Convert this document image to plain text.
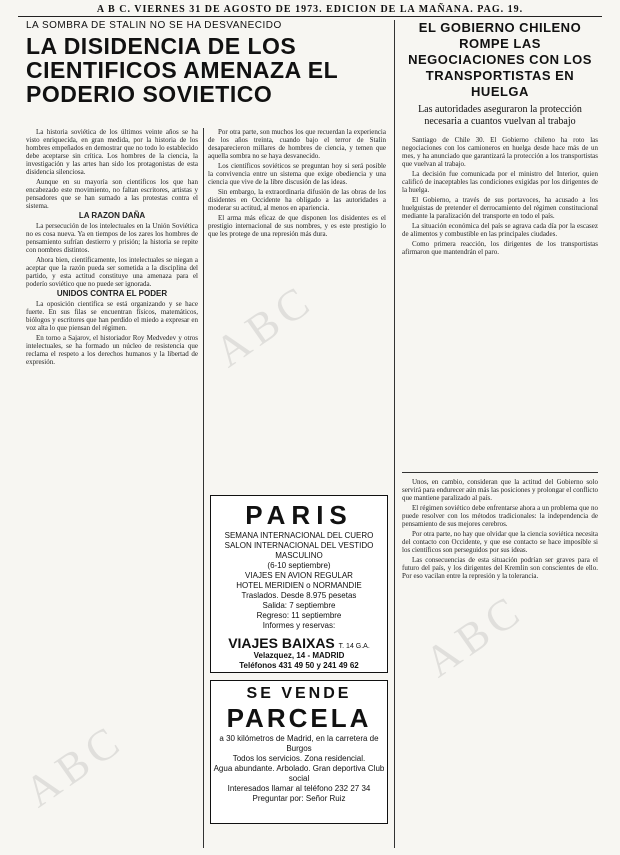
A B C. VIERNES 31 DE AGOSTO DE 1973. EDICION DE LA MAÑANA. PAG. 19.
LA SOMBRA DE STALIN NO SE HA DESVANECIDO
LA DISIDENCIA DE LOS CIENTIFICOS AMENAZA EL PODERIO SOVIETICO

La historia soviética de los últimos veinte años se ha visto enriquecida, en gran medida, por la historia de los hombres empeñados en demostrar que no todo lo establecido debe aceptarse sin crítica. Los hombres de la ciencia, la investigación y las artes han sido los protagonistas de esta disidencia silenciosa.

Aunque en su mayoría son científicos los que han encabezado este movimiento, no faltan escritores, artistas y pensadores que se han sumado a las protestas contra el sistema.

LA RAZON DAÑA

La persecución de los intelectuales en la Unión Soviética no es cosa nueva. Ya en tiempos de los zares los hombres de pensamiento sufrían destierro y prisión; la historia se repite con nombres distintos.

Ahora bien, científicamente, los intelectuales se niegan a aceptar que la razón pueda ser sometida a la disciplina del partido, y esta actitud constituye una amenaza para el poderío soviético que no puede ser ignorada.

UNIDOS CONTRA EL PODER

La oposición científica se está organizando y se hace fuerte. En sus filas se encuentran físicos, matemáticos, biólogos y escritores que han perdido el miedo a expresar en voz alta lo que piensan del régimen.

En torno a Sajarov, el historiador Roy Medvedev y otros intelectuales, se ha formado un núcleo de resistencia que reclama el respeto a los derechos humanos y la libertad de expresión.

Por otra parte, son muchos los que recuerdan la experiencia de los años treinta, cuando bajo el terror de Stalin desaparecieron millares de hombres de ciencia, y temen que aquella sombra no se haya desvanecido.

Los científicos soviéticos se preguntan hoy si será posible la convivencia entre un sistema que exige obediencia y una ciencia que vive de la libre discusión de las ideas.

Sin embargo, la extraordinaria difusión de las obras de los disidentes en Occidente ha obligado a las autoridades a moderar su actitud, al menos en apariencia.

El arma más eficaz de que disponen los disidentes es el prestigio internacional de sus nombres, y es este prestigio lo que les protege de una represión más dura.

PARIS
SEMANA INTERNACIONAL DEL CUERO
SALON INTERNACIONAL DEL VESTIDO MASCULINO
(6-10 septiembre)
VIAJES EN AVION REGULAR
HOTEL MERIDIEN o NORMANDIE
Traslados. Desde 8.975 pesetas
Salida: 7 septiembre
Regreso: 11 septiembre
Informes y reservas:
VIAJES BAIXAS T. 14 G.A.
Velazquez, 14 - MADRID
Teléfonos 431 49 50 y 241 49 62
SE VENDE
PARCELA
a 30 kilómetros de Madrid, en la carretera de Burgos
Todos los servicios. Zona residencial.
Agua abundante. Arbolado. Gran deportiva Club social
Interesados llamar al teléfono 232 27 34
Preguntar por: Señor Ruiz
EL GOBIERNO CHILENO ROMPE LAS NEGOCIACIONES CON LOS TRANSPORTISTAS EN HUELGA
Las autoridades aseguraron la protección necesaria a cuantos vuelvan al trabajo

Santiago de Chile 30. El Gobierno chileno ha roto las negociaciones con los camioneros en huelga desde hace más de un mes, y ha anunciado que garantizará la protección a los transportistas que vuelvan al trabajo.

La decisión fue comunicada por el ministro del Interior, quien calificó de inaceptables las condiciones exigidas por los dirigentes de la huelga.

El Gobierno, a través de sus portavoces, ha acusado a los huelguistas de pretender el derrocamiento del régimen constitucional mediante la paralización del transporte en todo el país.

La situación económica del país se agrava cada día por la escasez de alimentos y combustible en las principales ciudades.

Como primera reacción, los dirigentes de los transportistas afirmaron que mantendrán el paro.

Unos, en cambio, consideran que la actitud del Gobierno solo servirá para endurecer aún más las posiciones y prolongar el conflicto que mantiene paralizado al país.

El régimen soviético debe enfrentarse ahora a un problema que no puede resolver con los métodos tradicionales: la independencia de pensamiento de sus mejores cerebros.

Por otra parte, no hay que olvidar que la ciencia soviética necesita del contacto con Occidente, y que ese contacto se hace imposible si los científicos son perseguidos por sus ideas.

Las consecuencias de esta situación podrían ser graves para el futuro del país, y los dirigentes del Kremlin son conscientes de ello. Por eso vacilan entre la represión y la tolerancia.

ABC
ABC
ABC
